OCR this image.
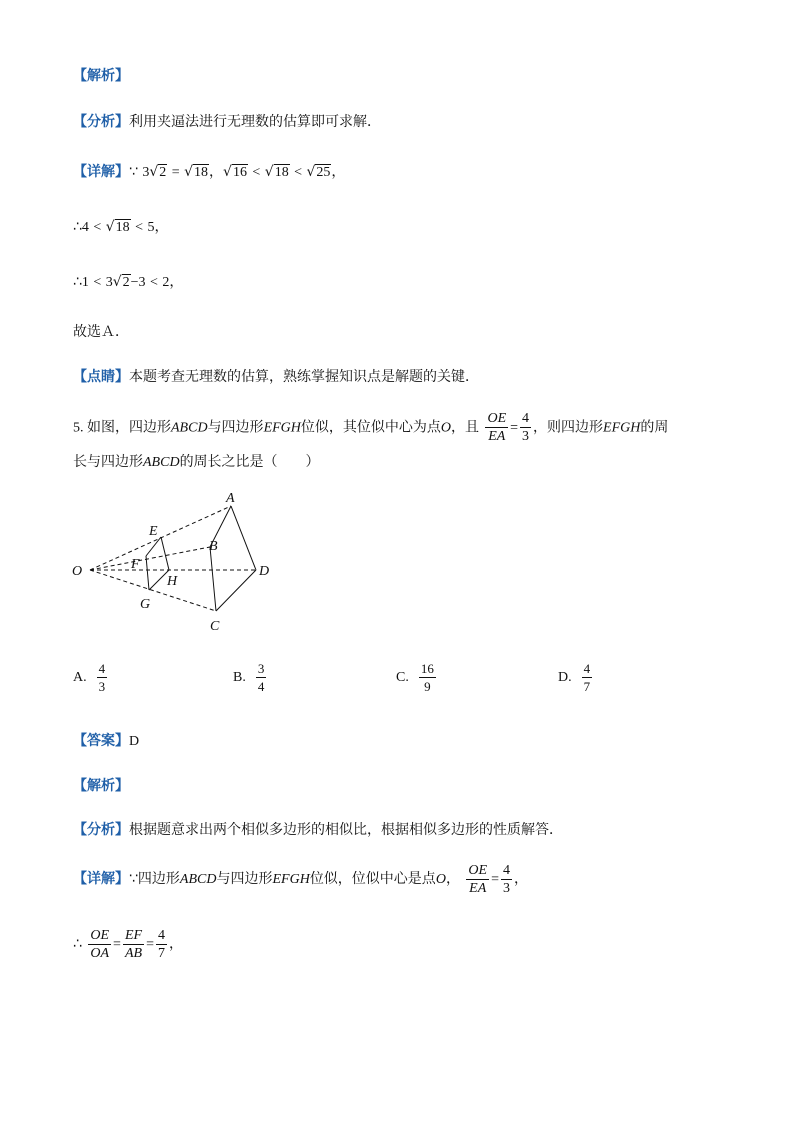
【解析】
【分析】利用夹逼法进行无理数的估算即可求解．
【详解】∵ 3√2 = √18，√16 < √18 < √25，
∴4 < √18 < 5，
∴1 < 3√2−3 < 2，
故选Ａ．
【点睛】本题考查无理数的估算，熟练掌握知识点是解题的关键．
5. 如图，四边形ABCD与四边形EFGH位似，其位似中心为点O，且 $\frac{OE}{EA} = \frac{4}{3}$ ，则四边形EFGH的周
长与四边形ABCD的周长之比是（　　）
A
E
B
O	F
H
D
G
C
A. $\frac{4}{3}$	B. $\frac{3}{4}$	C. $\frac{16}{9}$	D. $\frac{4}{7}$
【答案】D
【解析】
【分析】根据题意求出两个相似多边形的相似比，根据相似多边形的性质解答．
【详解】∵四边形ABCD与四边形EFGH位似，位似中心是点O， $\frac{OE}{EA} = \frac{4}{3}$ ，
∴ $\frac{OE}{OA} = \frac{EF}{AB} = \frac{4}{7}$ ，
